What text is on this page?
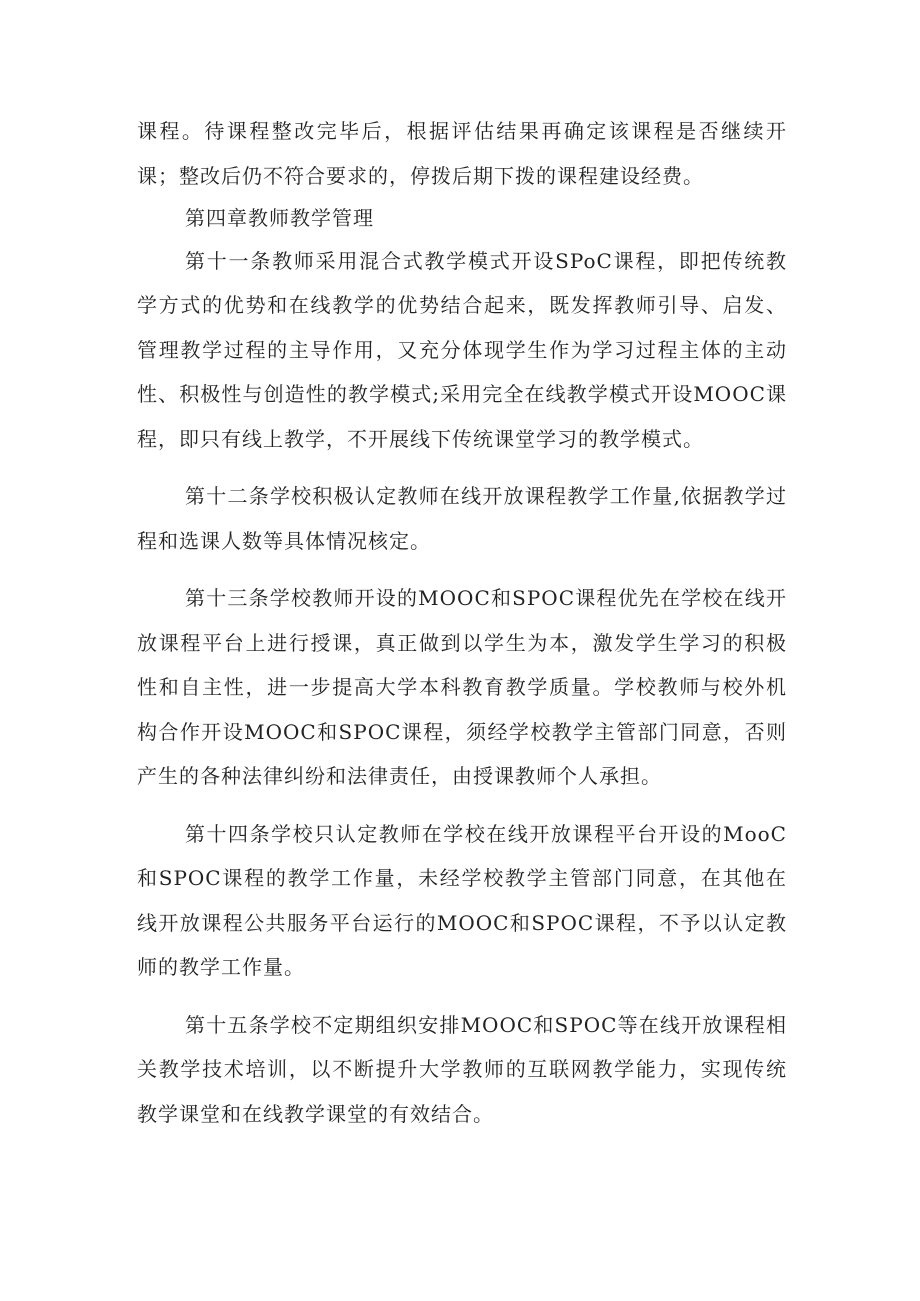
课程。待课程整改完毕后，根据评估结果再确定该课程是否继续开课；整改后仍不符合要求的，停拨后期下拨的课程建设经费。

第四章教师教学管理

第十一条教师采用混合式教学模式开设SPoC课程，即把传统教学方式的优势和在线教学的优势结合起来，既发挥教师引导、启发、管理教学过程的主导作用，又充分体现学生作为学习过程主体的主动性、积极性与创造性的教学模式;采用完全在线教学模式开设MOOC课程，即只有线上教学，不开展线下传统课堂学习的教学模式。

第十二条学校积极认定教师在线开放课程教学工作量,依据教学过程和选课人数等具体情况核定。

第十三条学校教师开设的MOOC和SPOC课程优先在学校在线开放课程平台上进行授课，真正做到以学生为本，激发学生学习的积极性和自主性，进一步提高大学本科教育教学质量。学校教师与校外机构合作开设MOOC和SPOC课程，须经学校教学主管部门同意，否则产生的各种法律纠纷和法律责任，由授课教师个人承担。

第十四条学校只认定教师在学校在线开放课程平台开设的MooC和SPOC课程的教学工作量，未经学校教学主管部门同意，在其他在线开放课程公共服务平台运行的MOOC和SPOC课程，不予以认定教师的教学工作量。

第十五条学校不定期组织安排MOOC和SPOC等在线开放课程相关教学技术培训，以不断提升大学教师的互联网教学能力，实现传统教学课堂和在线教学课堂的有效结合。
